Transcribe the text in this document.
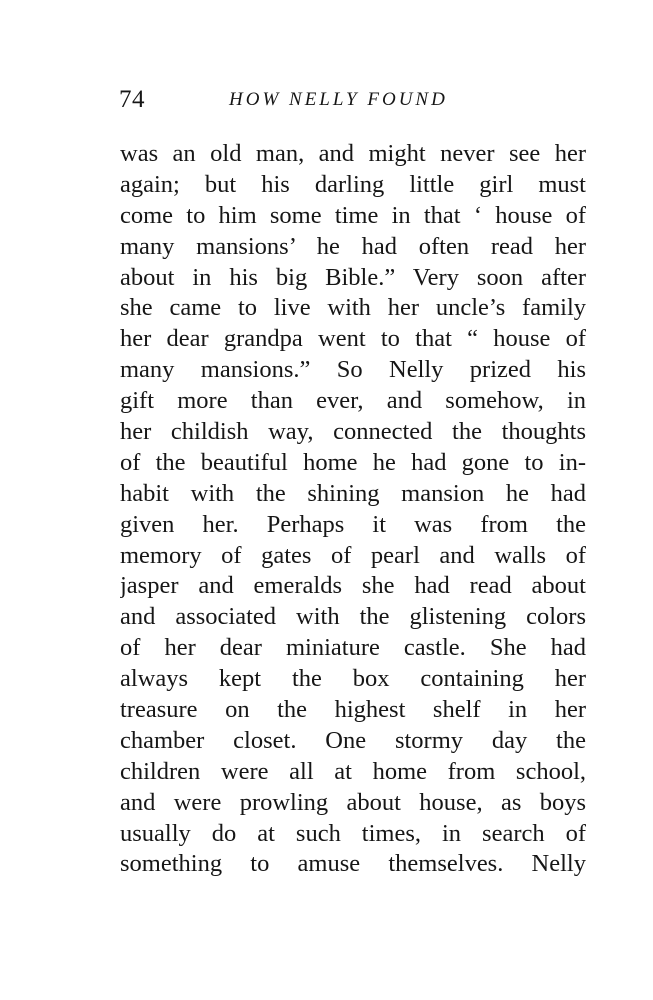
74	HOW NELLY FOUND
was an old man, and might never see her
again; but his darling little girl must
come to him some time in that ‘ house of
many mansions’ he had often read her
about in his big Bible.” Very soon after
she came to live with her uncle’s family
her dear grandpa went to that “ house of
many mansions.” So Nelly prized his
gift more than ever, and somehow, in
her childish way, connected the thoughts
of the beautiful home he had gone to in-
habit with the shining mansion he had
given her. Perhaps it was from the
memory of gates of pearl and walls of
jasper and emeralds she had read about
and associated with the glistening colors
of her dear miniature castle. She had
always kept the box containing her
treasure on the highest shelf in her
chamber closet. One stormy day the
children were all at home from school,
and were prowling about house, as boys
usually do at such times, in search of
something to amuse themselves. Nelly
